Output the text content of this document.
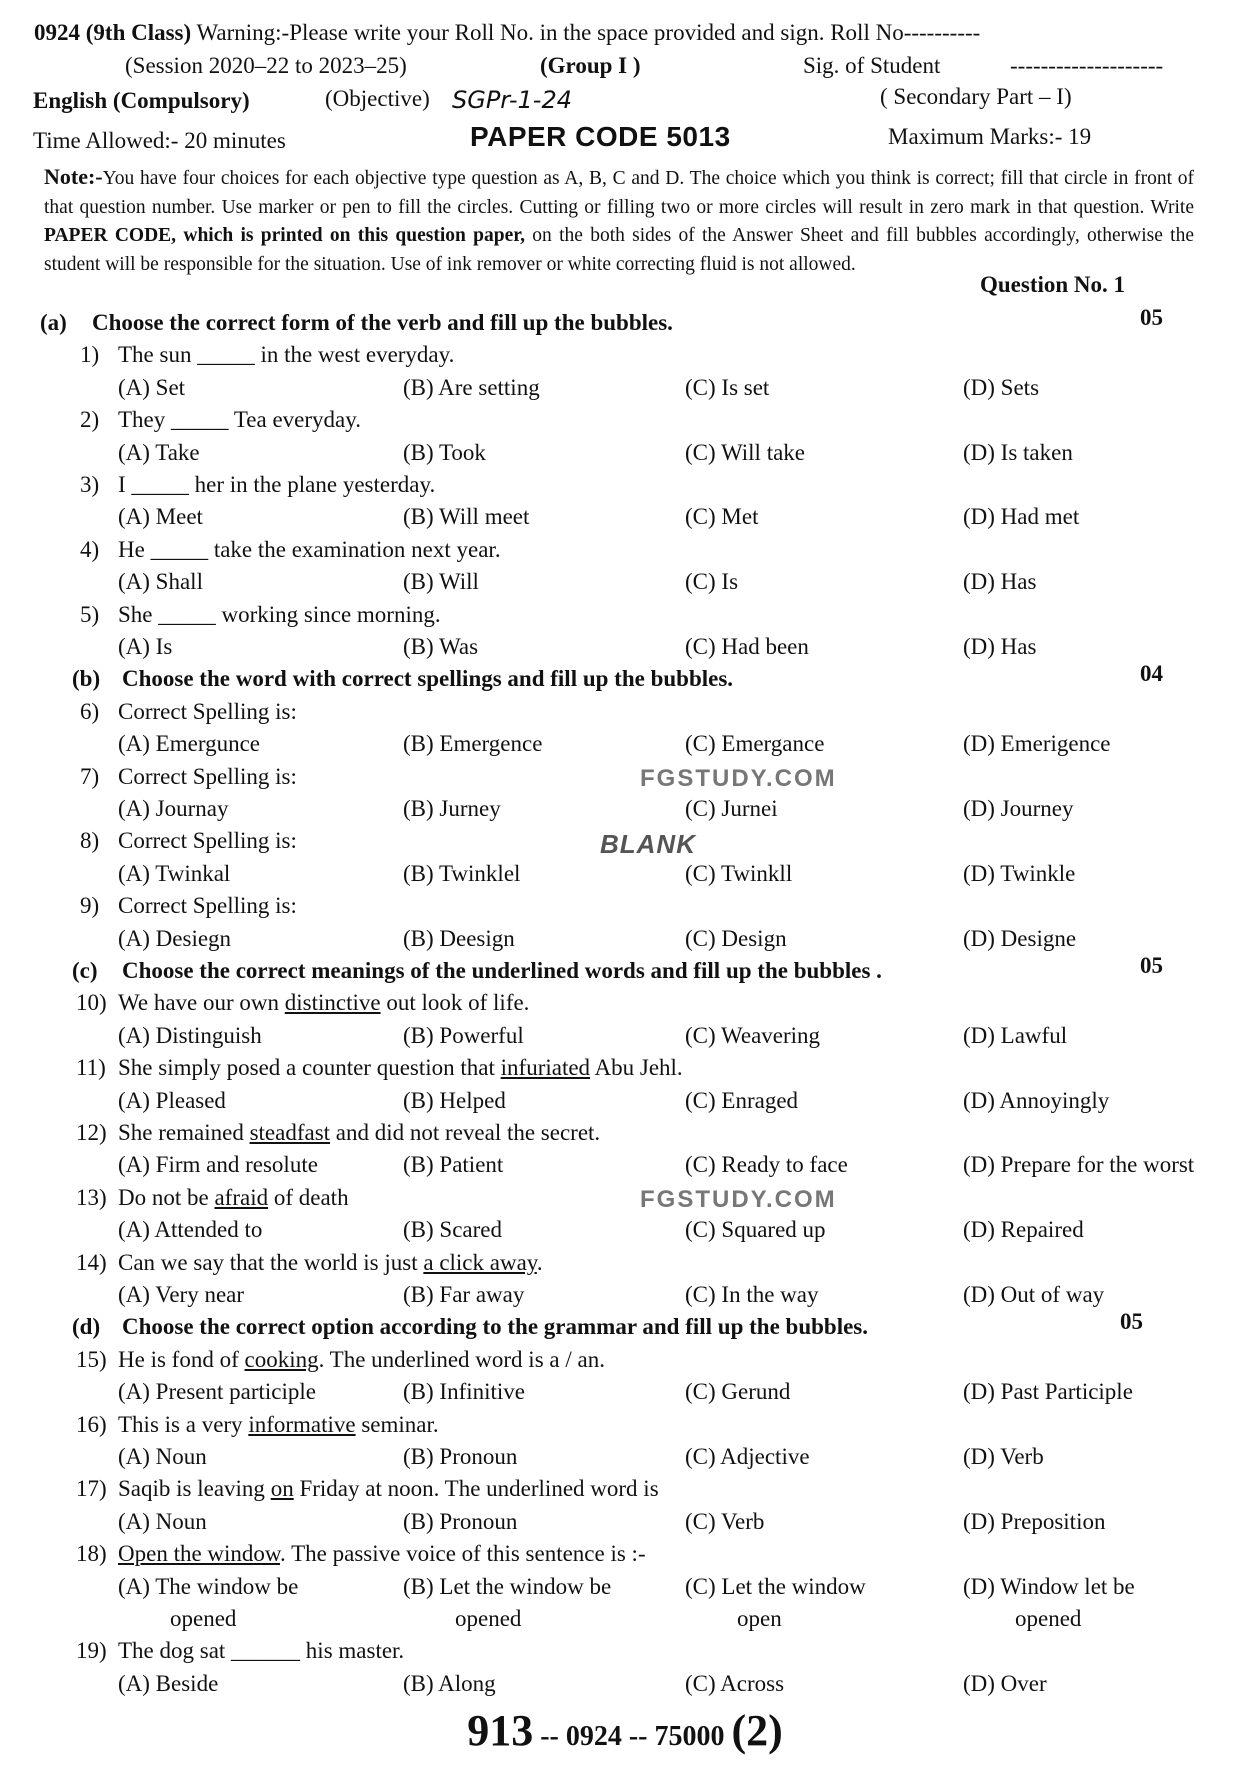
0924 (9th Class) Warning:-Please write your Roll No. in the space provided and sign. Roll No----------
(Session 2020–22 to 2023–25)	(Group I )	Sig. of Student	--------------------
English (Compulsory)	(Objective) SGPr-1-24	( Secondary Part – I)
Time Allowed:- 20 minutes	PAPER CODE 5013	Maximum Marks:- 19
Note:-You have four choices for each objective type question as A, B, C and D. The choice which you think is correct; fill that circle in front of that question number. Use marker or pen to fill the circles. Cutting or filling two or more circles will result in zero mark in that question. Write PAPER CODE, which is printed on this question paper, on the both sides of the Answer Sheet and fill bubbles accordingly, otherwise the student will be responsible for the situation. Use of ink remover or white correcting fluid is not allowed.
Question No. 1
(a) Choose the correct form of the verb and fill up the bubbles.	05
1) The sun _____ in the west everyday.
(A) Set	(B) Are setting	(C) Is set	(D) Sets
2) They _____ Tea everyday.
(A) Take	(B) Took	(C) Will take	(D) Is taken
3) I _____ her in the plane yesterday.
(A) Meet	(B) Will meet	(C) Met	(D) Had met
4) He _____ take the examination next year.
(A) Shall	(B) Will	(C) Is	(D) Has
5) She _____ working since morning.
(A) Is	(B) Was	(C) Had been	(D) Has
(b) Choose the word with correct spellings and fill up the bubbles.	04
6) Correct Spelling is:
(A) Emergunce	(B) Emergence	(C) Emergance	(D) Emerigence
7) Correct Spelling is:
(A) Journay	(B) Jurney	(C) Jurnei	(D) Journey
8) Correct Spelling is:
(A) Twinkal	(B) Twinklel	(C) Twinkll	(D) Twinkle
9) Correct Spelling is:
(A) Desiegn	(B) Deesign	(C) Design	(D) Designe
(c) Choose the correct meanings of the underlined words and fill up the bubbles .	05
10) We have our own distinctive out look of life.
(A) Distinguish	(B) Powerful	(C) Weavering	(D) Lawful
11) She simply posed a counter question that infuriated Abu Jehl.
(A) Pleased	(B) Helped	(C) Enraged	(D) Annoyingly
12) She remained steadfast and did not reveal the secret.
(A) Firm and resolute	(B) Patient	(C) Ready to face	(D) Prepare for the worst
13) Do not be afraid of death
(A) Attended to	(B) Scared	(C) Squared up	(D) Repaired
14) Can we say that the world is just a click away.
(A) Very near	(B) Far away	(C) In the way	(D) Out of way
(d) Choose the correct option according to the grammar and fill up the bubbles.	05
15) He is fond of cooking. The underlined word is a / an.
(A) Present participle	(B) Infinitive	(C) Gerund	(D) Past Participle
16) This is a very informative seminar.
(A) Noun	(B) Pronoun	(C) Adjective	(D) Verb
17) Saqib is leaving on Friday at noon. The underlined word is
(A) Noun	(B) Pronoun	(C) Verb	(D) Preposition
18) Open the window. The passive voice of this sentence is :-
(A) The window be	(B) Let the window be	(C) Let the window	(D) Window let be
opened	opened	open	opened
19) The dog sat ______ his master.
(A) Beside	(B) Along	(C) Across	(D) Over
FGSTUDY.COM
BLANK
FGSTUDY.COM
913 -- 0924 -- 75000 (2)
